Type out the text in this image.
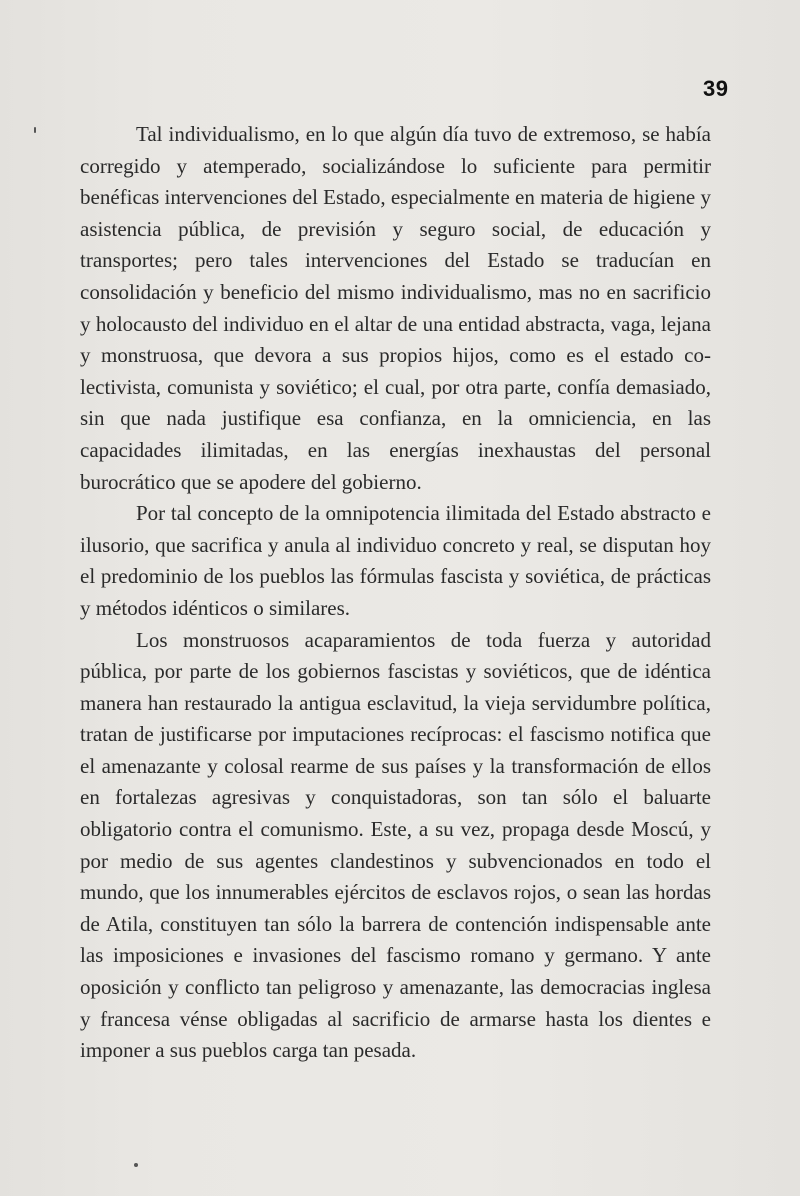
39

Tal individualismo, en lo que algún día tuvo de extremoso, se había corregido y atemperado, socializándose lo suficiente para permitir benéficas intervenciones del Estado, especialmente en materia de higiene y asistencia pública, de previsión y seguro social, de educación y transportes; pero tales intervenciones del Estado se traducían en consolidación y beneficio del mismo individualismo, mas no en sacrificio y holocausto del individuo en el altar de una entidad abstracta, vaga, lejana y monstruosa, que devora a sus propios hijos, como es el estado colectivista, comunista y soviético; el cual, por otra parte, confía demasiado, sin que nada justifique esa confianza, en la omniciencia, en las capacidades ilimitadas, en las energías inexhaustas del personal burocrático que se apodere del gobierno.

Por tal concepto de la omnipotencia ilimitada del Estado abstracto e ilusorio, que sacrifica y anula al individuo concreto y real, se disputan hoy el predominio de los pueblos las fórmulas fascista y soviética, de prácticas y métodos idénticos o similares.

Los monstruosos acaparamientos de toda fuerza y autoridad pública, por parte de los gobiernos fascistas y soviéticos, que de idéntica manera han restaurado la antigua esclavitud, la vieja servidumbre política, tratan de justificarse por imputaciones recíprocas: el fascismo notifica que el amenazante y colosal rearme de sus países y la transformación de ellos en fortalezas agresivas y conquistadoras, son tan sólo el baluarte obligatorio contra el comunismo. Este, a su vez, propaga desde Moscú, y por medio de sus agentes clandestinos y subvencionados en todo el mundo, que los innumerables ejércitos de esclavos rojos, o sean las hordas de Atila, constituyen tan sólo la barrera de contención indispensable ante las imposiciones e invasiones del fascismo romano y germano. Y ante oposición y conflicto tan peligroso y amenazante, las democracias inglesa y francesa vénse obligadas al sacrificio de armarse hasta los dientes e imponer a sus pueblos carga tan pesada.
